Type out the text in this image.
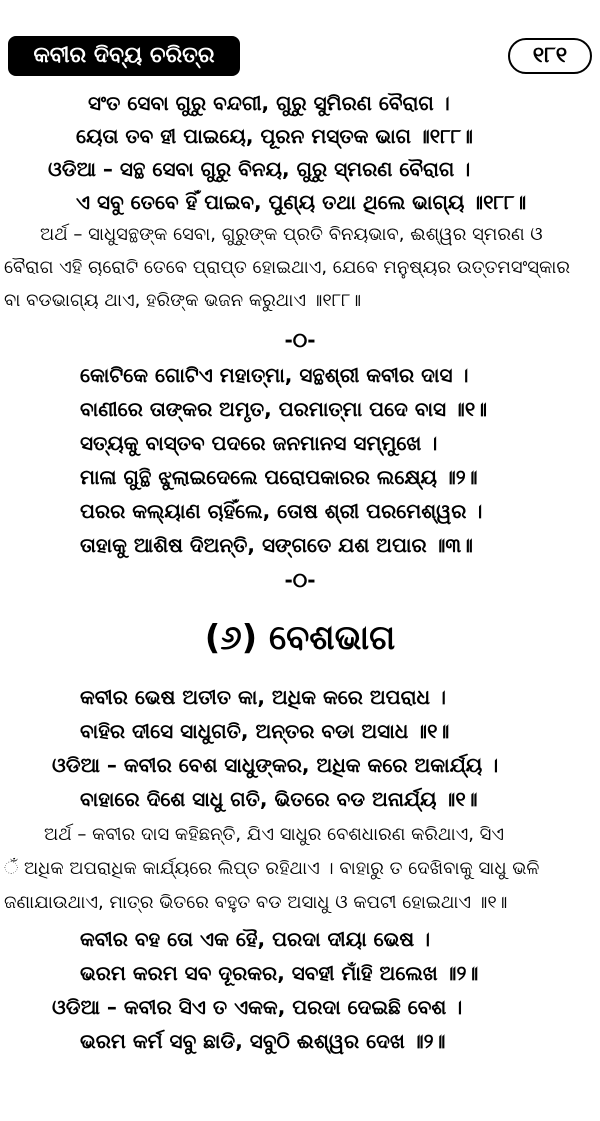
କବୀର ଦିବ୍ୟ ଚରିତ୍ର	୧୮୧
ସଂତ ସେବା ଗୁରୁ ବନ୍ଦଗୀ, ଗୁରୁ ସୁମିରଣ ବୈରାଗ ।
ୟେତା ତବ ହୀ ପାଇୟେ, ପୂରନ ମସ୍ତକ ଭାଗ ॥୧୮୮॥
ଓଡିଆ – ସନ୍ଥ ସେବା ଗୁରୁ ବିନୟ, ଗୁରୁ ସ୍ମରଣ ବୈରାଗ ।
ଏ ସବୁ ତେବେ ହିଁ ପାଇବ, ପୁଣ୍ୟ ତଥା ଥିଲେ ଭାଗ୍ୟ ॥୧୮୮॥
ଅର୍ଥ – ସାଧୁସନ୍ଥଙ୍କ ସେବା, ଗୁରୁଙ୍କ ପ୍ରତି ବିନୟଭାବ, ଈଶ୍ୱର ସ୍ମରଣ ଓ
ବୈରାଗ ଏହି ଚାରୋଟି ତେବେ ପ୍ରାପ୍ତ ହୋଇଥାଏ, ଯେବେ ମନୁଷ୍ୟର ଉତ୍ତମସଂସ୍କାର
ବା ବଡଭାଗ୍ୟ ଥାଏ, ହରିଙ୍କ ଭଜନ କରୁଥାଏ ॥୧୮୮॥
-୦-
କୋଟିକେ ଗୋଟିଏ ମହାତ୍ମା, ସନ୍ଥଶ୍ରୀ କବୀର ଦାସ ।
ବାଣୀରେ ତାଙ୍କର ଅମୃତ, ପରମାତ୍ମା ପଦେ ବାସ ॥୧॥
ସତ୍ୟକୁ ବାସ୍ତବ ପଦରେ ଜନମାନସ ସମ୍ମୁଖେ ।
ମାଳା ଗୁନ୍ଥି ଝୁଲାଇଦେଲେ ପରୋପକାରର ଲକ୍ଷ୍ୟେ ॥୨॥
ପରର କଲ୍ୟାଣ ଚାହିଁଲେ, ତୋଷ ଶ୍ରୀ ପରମେଶ୍ୱର ।
ତାହାକୁ ଆଶିଷ ଦିଅନ୍ତି, ସଙ୍ଗତେ ଯଶ ଅପାର ॥୩॥
-୦-
(୬) ବେଶଭାଗ
କବୀର ଭେଷ ଅତୀତ କା, ଅଧିକ କରେ ଅପରାଧ ।
ବାହିର ଦୀସେ ସାଧୁଗତି, ଅନ୍ତର ବଡା ଅସାଧ ॥୧॥
ଓଡିଆ – କବୀର ବେଶ ସାଧୁଙ୍କର, ଅଧିକ କରେ ଅକାର୍ଯ୍ୟ ।
ବାହାରେ ଦିଶେ ସାଧୁ ଗତି, ଭିତରେ ବଡ ଅନାର୍ଯ୍ୟ ॥୧॥
ଅର୍ଥ – କବୀର ଦାସ କହିଛନ୍ତି, ଯିଏ ସାଧୁର ବେଶଧାରଣ କରିଥାଏ, ସିଏ
ଁ ଅଧିକ ଅପରାଧିକ କାର୍ଯ୍ୟରେ ଲିପ୍ତ ରହିଥାଏ । ବାହାରୁ ତ ଦେଖିବାକୁ ସାଧୁ ଭଳି
ଜଣାଯାଉଥାଏ, ମାତ୍ର ଭିତରେ ବହୁତ ବଡ ଅସାଧୁ ଓ କପଟୀ ହୋଇଥାଏ ॥୧॥
କବୀର ବହ ତୋ ଏକ ହୈ, ପରଦା ଦୀୟା ଭେଷ ।
ଭରମ କରମ ସବ ଦୂରକର, ସବହୀ ମାଁହି ଅଲେଖ ॥୨॥
ଓଡିଆ – କବୀର ସିଏ ତ ଏକକ, ପରଦା ଦେଇଛି ବେଶ ।
ଭରମ କର୍ମ ସବୁ ଛାଡି, ସବୁଠି ଈଶ୍ୱର ଦେଖ ॥୨॥
